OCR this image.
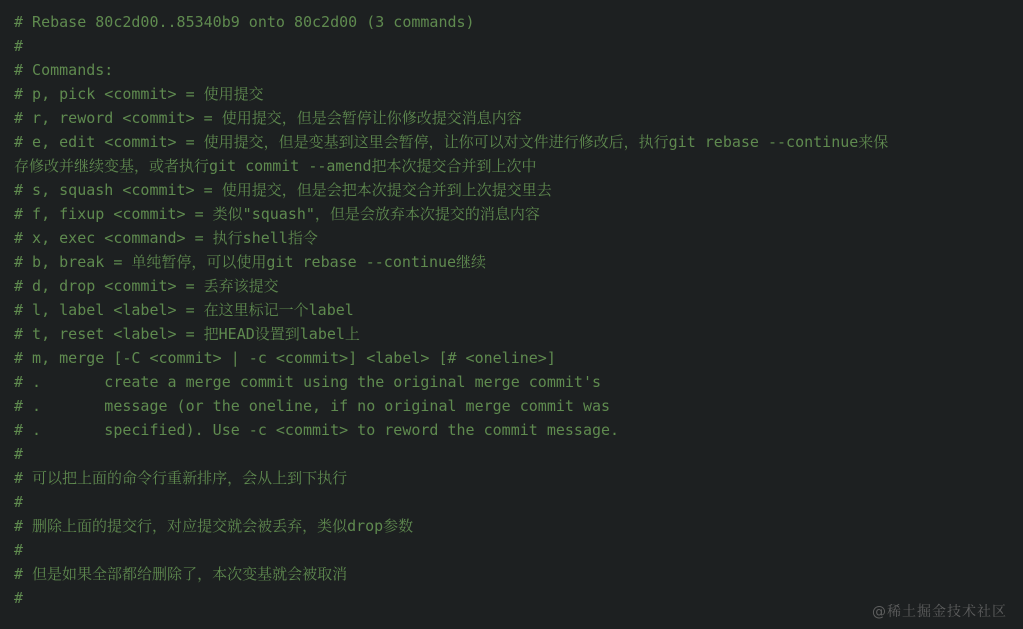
# Rebase 80c2d00..85340b9 onto 80c2d00 (3 commands)
#
# Commands:
# p, pick <commit> = 使用提交
# r, reword <commit> = 使用提交，但是会暂停让你修改提交消息内容
# e, edit <commit> = 使用提交，但是变基到这里会暂停，让你可以对文件进行修改后，执行git rebase --continue来保
存修改并继续变基，或者执行git commit --amend把本次提交合并到上次中
# s, squash <commit> = 使用提交，但是会把本次提交合并到上次提交里去
# f, fixup <commit> = 类似"squash"，但是会放弃本次提交的消息内容
# x, exec <command> = 执行shell指令
# b, break = 单纯暂停，可以使用git rebase --continue继续
# d, drop <commit> = 丢弃该提交
# l, label <label> = 在这里标记一个label
# t, reset <label> = 把HEAD设置到label上
# m, merge [-C <commit> | -c <commit>] <label> [# <oneline>]
# .       create a merge commit using the original merge commit's
# .       message (or the oneline, if no original merge commit was
# .       specified). Use -c <commit> to reword the commit message.
#
# 可以把上面的命令行重新排序，会从上到下执行
#
# 删除上面的提交行，对应提交就会被丢弃，类似drop参数
#
# 但是如果全部都给删除了，本次变基就会被取消
#
@稀土掘金技术社区
